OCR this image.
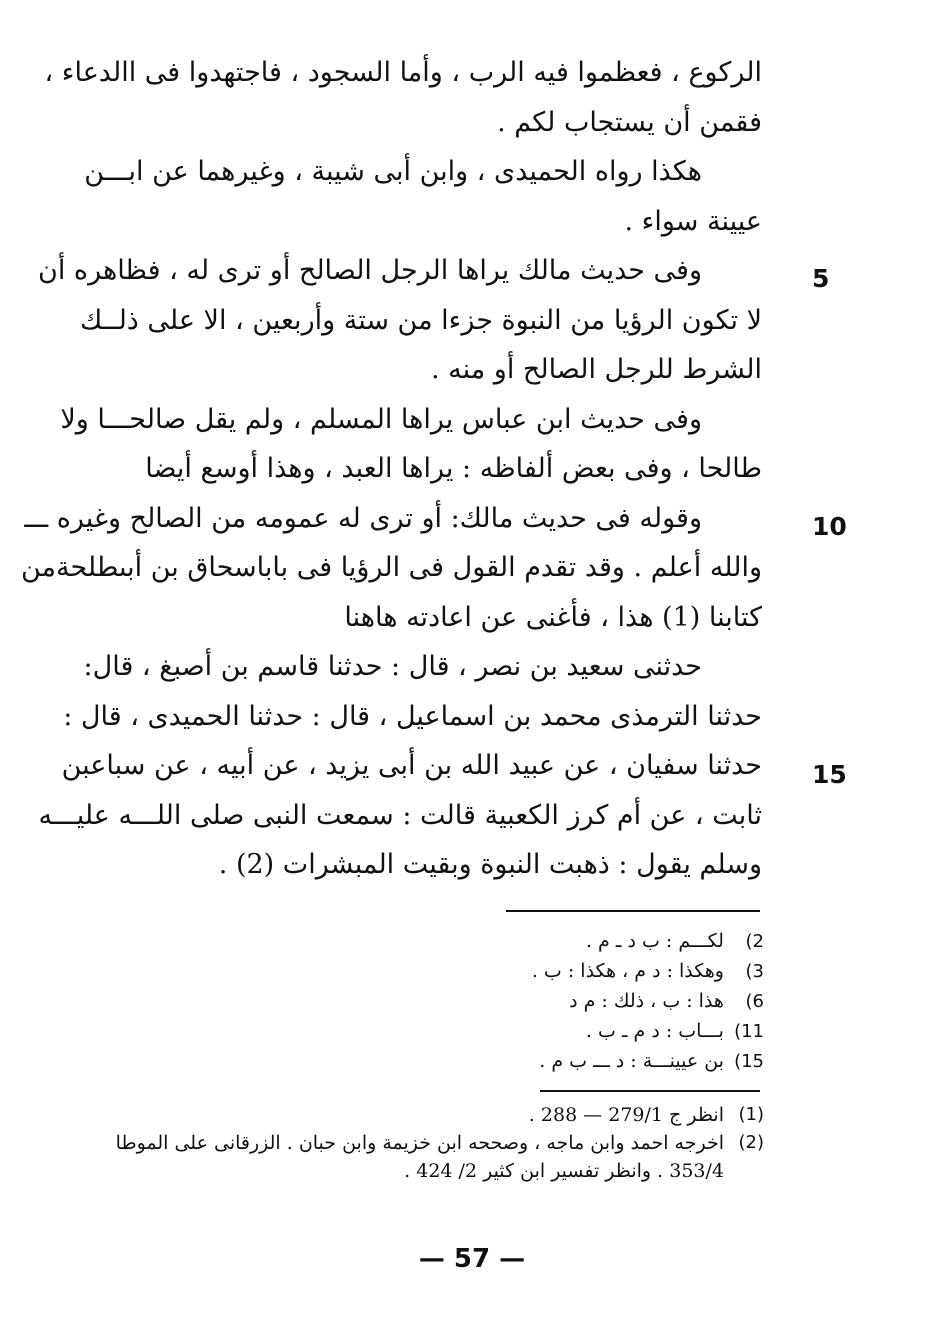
الركوع ، فعظموا فيه الرب ، وأما السجود ، فاجتهدوا فى االدعاء ،
فقمن أن يستجاب لكم .
هكذا رواه الحميدى ، وابن أبى شيبة ، وغيرهما عن ابـــن
عيينة سواء .
وفى حديث مالك يراها الرجل الصالح أو ترى له ، فظاهره أن
لا تكون الرؤيا من النبوة جزءا من ستة وأربعين ، الا على ذلــك
الشرط للرجل الصالح أو منه .
وفى حديث ابن عباس يراها المسلم ، ولم يقل صالحـــا ولا
طالحا ، وفى بعض ألفاظه : يراها العبد ، وهذا أوسع أيضا
وقوله فى حديث مالك: أو ترى له عمومه من الصالح وغيره ـــ
والله أعلم . وقد تقدم القول فى الرؤيا فى باباسحاق بن أبىطلحةمن
كتابنا (1) هذا ، فأغنى عن اعادته هاهنا
حدثنى سعيد بن نصر ، قال : حدثنا قاسم بن أصبغ ، قال:
حدثنا الترمذى محمد بن اسماعيل ، قال : حدثنا الحميدى ، قال :
حدثنا سفيان ، عن عبيد الله بن أبى يزيد ، عن أبيه ، عن سباعبن
ثابت ، عن أم كرز الكعبية قالت : سمعت النبى صلى اللـــه عليـــه
وسلم يقول : ذهبت النبوة وبقيت المبشرات (2) .
5
10
15
2) لكـــم : ب د ـ م .
3) وهكذا : د م ، هكذا : ب .
6) هذا : ب ، ذلك : م د
11) بـــاب : د م ـ ب .
15) بن عيينـــة : د ـــ ب م .
(1)
انظر ج 279/1 — 288 .
(2)
اخرجه احمد وابن ماجه ، وصححه ابن خزيمة وابن حبان . الزرقانى على الموطا 353/4 . وانظر تفسير ابن كثير 2/ 424 .
— 57 —
